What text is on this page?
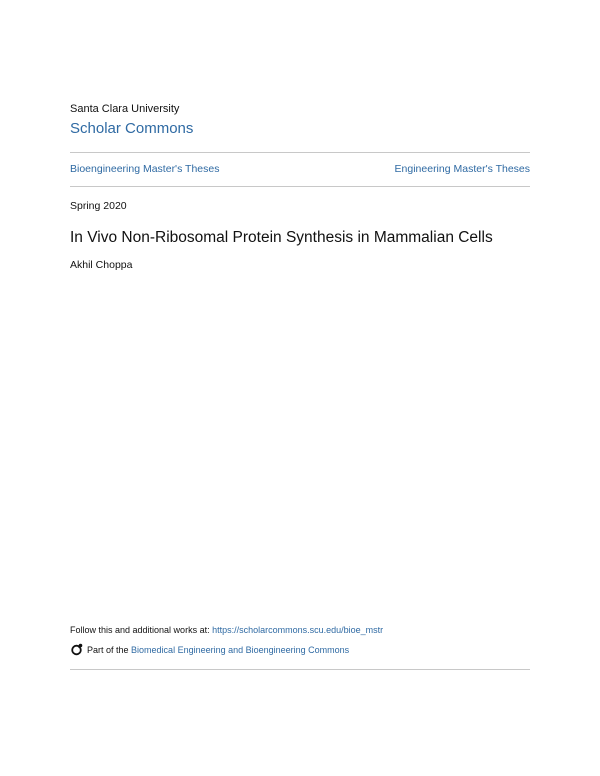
Santa Clara University
Scholar Commons
Bioengineering Master's Theses	Engineering Master's Theses
Spring 2020
In Vivo Non-Ribosomal Protein Synthesis in Mammalian Cells
Akhil Choppa
Follow this and additional works at: https://scholarcommons.scu.edu/bioe_mstr
Part of the
Biomedical Engineering and Bioengineering Commons
